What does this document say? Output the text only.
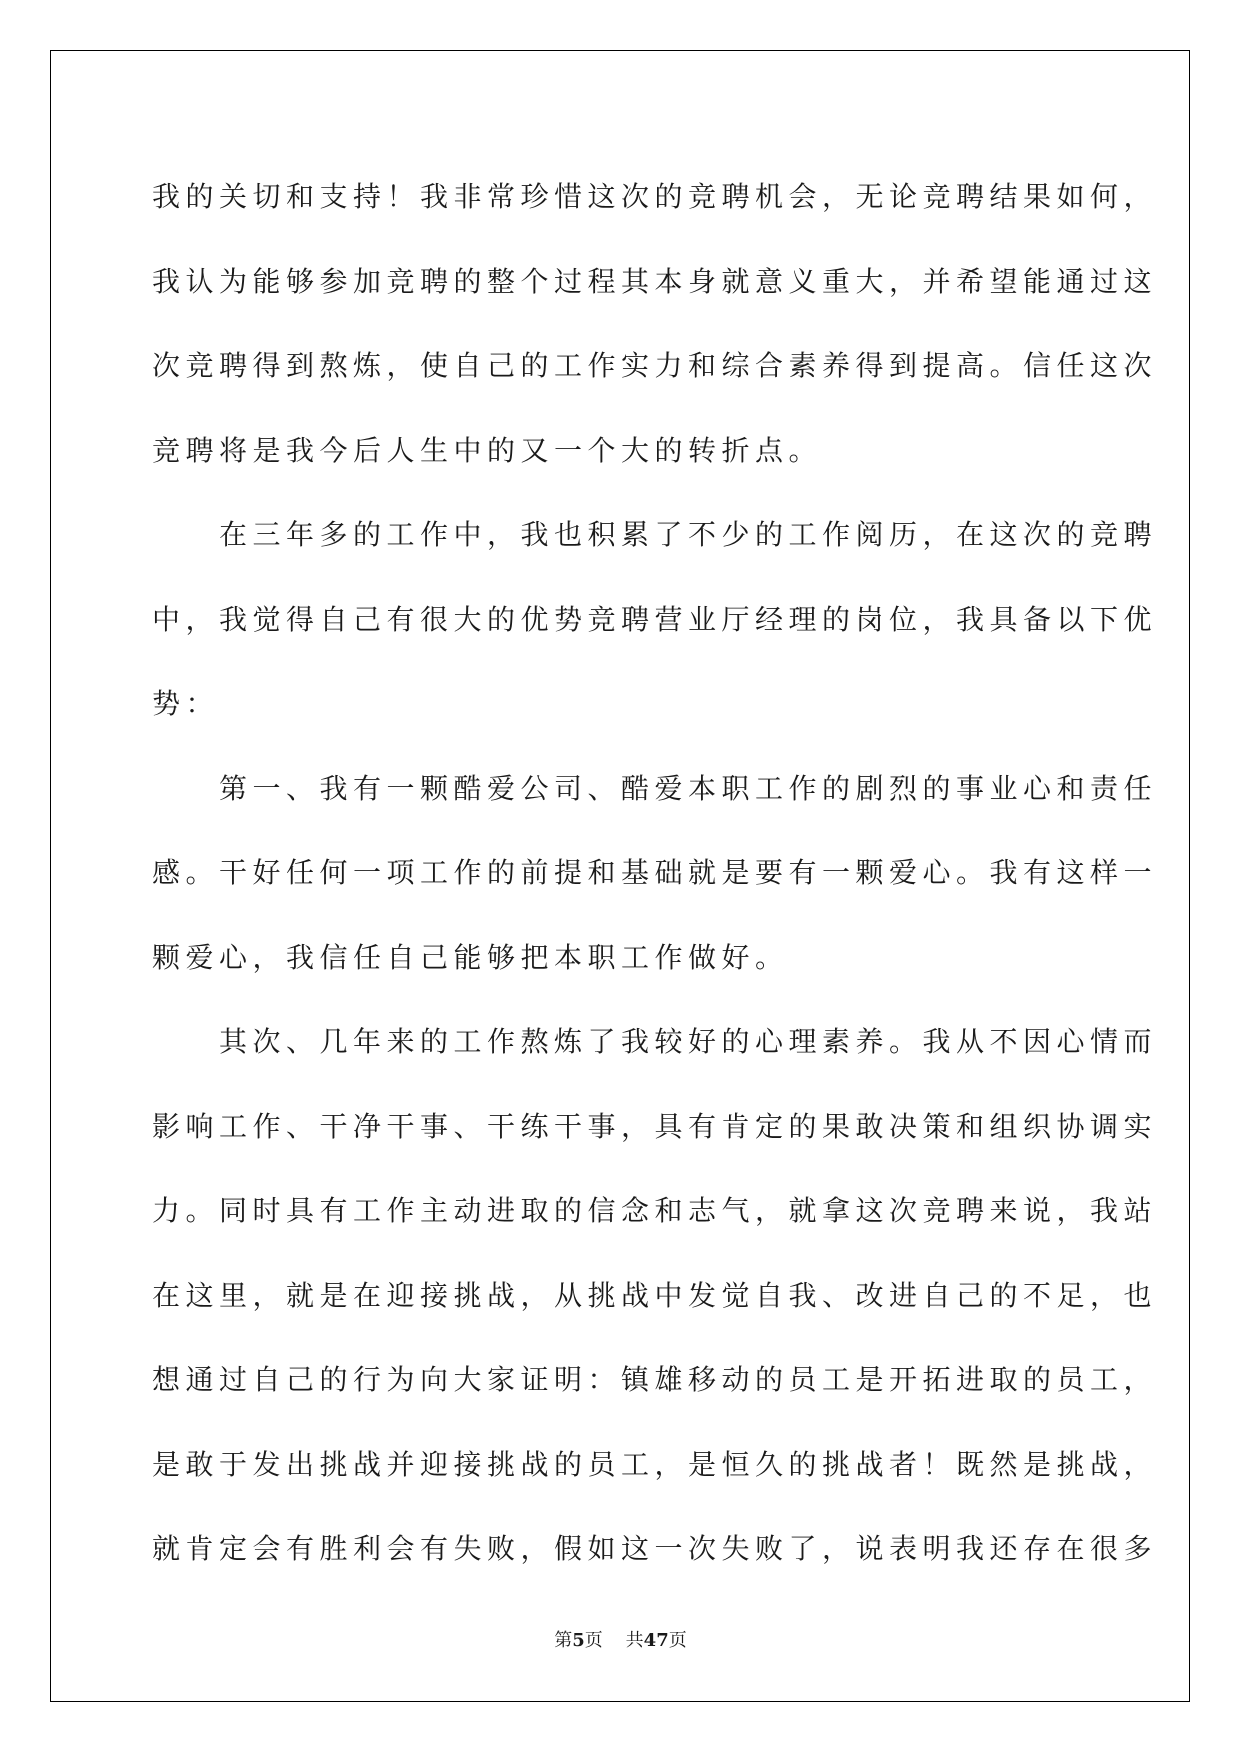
我的关切和支持！我非常珍惜这次的竞聘机会，无论竞聘结果如何，
我认为能够参加竞聘的整个过程其本身就意义重大，并希望能通过这
次竞聘得到熬炼，使自己的工作实力和综合素养得到提高。信任这次
竞聘将是我今后人生中的又一个大的转折点。
　　在三年多的工作中，我也积累了不少的工作阅历，在这次的竞聘
中，我觉得自己有很大的优势竞聘营业厅经理的岗位，我具备以下优
势：
　　第一、我有一颗酷爱公司、酷爱本职工作的剧烈的事业心和责任
感。干好任何一项工作的前提和基础就是要有一颗爱心。我有这样一
颗爱心，我信任自己能够把本职工作做好。
　　其次、几年来的工作熬炼了我较好的心理素养。我从不因心情而
影响工作、干净干事、干练干事，具有肯定的果敢决策和组织协调实
力。同时具有工作主动进取的信念和志气，就拿这次竞聘来说，我站
在这里，就是在迎接挑战，从挑战中发觉自我、改进自己的不足，也
想通过自己的行为向大家证明：镇雄移动的员工是开拓进取的员工，
是敢于发出挑战并迎接挑战的员工，是恒久的挑战者！既然是挑战，
就肯定会有胜利会有失败，假如这一次失败了，说表明我还存在很多
第5页 共47页
